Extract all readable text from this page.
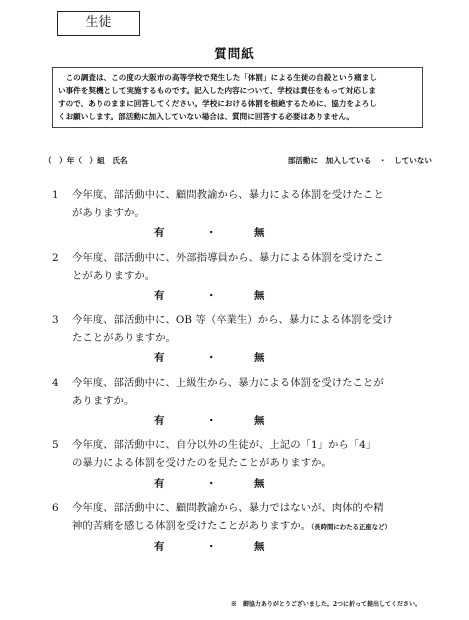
生徒
質問紙
この調査は、この度の大阪市の高等学校で発生した「体罰」による生徒の自殺という痛まし
い事件を契機として実施するものです。記入した内容について、学校は責任をもって対応しま
すので、ありのままに回答してください。学校における体罰を根絶するために、協力をよろし
くお願いします。部活動に加入していない場合は、質問に回答する必要はありません。
（　）年（　）組　氏名	部活動に　加入している　・　していない
1 今年度、部活動中に、顧問教諭から、暴力による体罰を受けたこと
がありますか。
有	・	無
2 今年度、部活動中に、外部指導員から、暴力による体罰を受けたこ
とがありますか。
有	・	無
3 今年度、部活動中に、OB 等（卒業生）から、暴力による体罰を受け
たことがありますか。
有	・	無
4 今年度、部活動中に、上級生から、暴力による体罰を受けたことが
ありますか。
有	・	無
5 今年度、部活動中に、自分以外の生徒が、上記の「1」から「4」
の暴力による体罰を受けたのを見たことがありますか。
有	・	無
6 今年度、部活動中に、顧問教諭から、暴力ではないが、肉体的や精
神的苦痛を感じる体罰を受けたことがありますか。（長時間にわたる正座など）
有	・	無
※　御協力ありがとうございました。2つに折って提出してください。
